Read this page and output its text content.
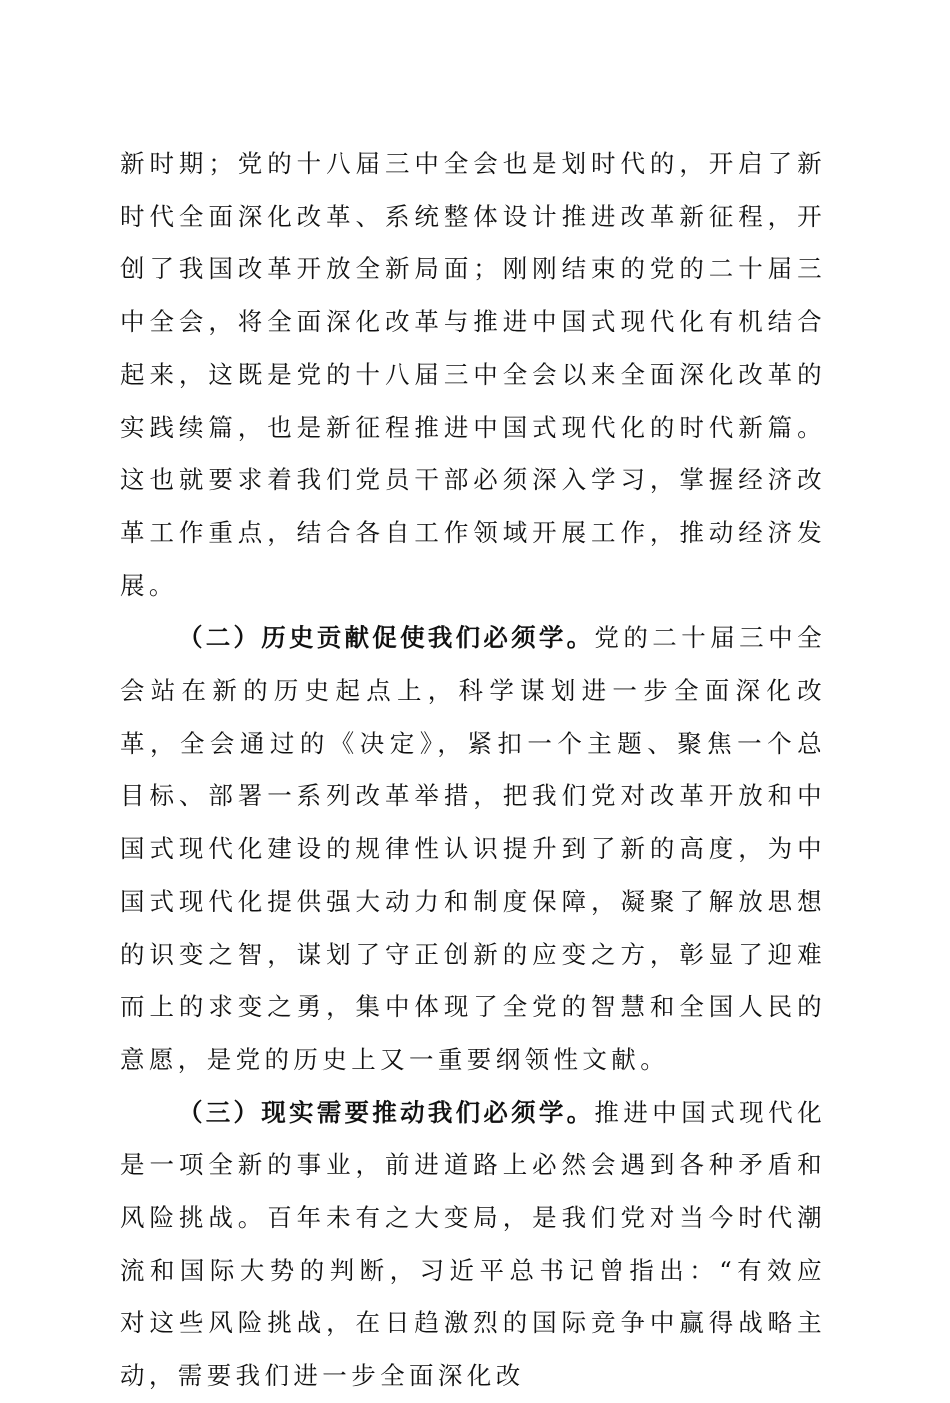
新时期；党的十八届三中全会也是划时代的，开启了新时代全面深化改革、系统整体设计推进改革新征程，开创了我国改革开放全新局面；刚刚结束的党的二十届三中全会，将全面深化改革与推进中国式现代化有机结合起来，这既是党的十八届三中全会以来全面深化改革的实践续篇，也是新征程推进中国式现代化的时代新篇。这也就要求着我们党员干部必须深入学习，掌握经济改革工作重点，结合各自工作领域开展工作，推动经济发展。

（二）历史贡献促使我们必须学。党的二十届三中全会站在新的历史起点上，科学谋划进一步全面深化改革，全会通过的《决定》，紧扣一个主题、聚焦一个总目标、部署一系列改革举措，把我们党对改革开放和中国式现代化建设的规律性认识提升到了新的高度，为中国式现代化提供强大动力和制度保障，凝聚了解放思想的识变之智，谋划了守正创新的应变之方，彰显了迎难而上的求变之勇，集中体现了全党的智慧和全国人民的意愿，是党的历史上又一重要纲领性文献。

（三）现实需要推动我们必须学。推进中国式现代化是一项全新的事业，前进道路上必然会遇到各种矛盾和风险挑战。百年未有之大变局，是我们党对当今时代潮流和国际大势的判断，习近平总书记曾指出：“有效应对这些风险挑战，在日趋激烈的国际竞争中赢得战略主动，需要我们进一步全面深化改
